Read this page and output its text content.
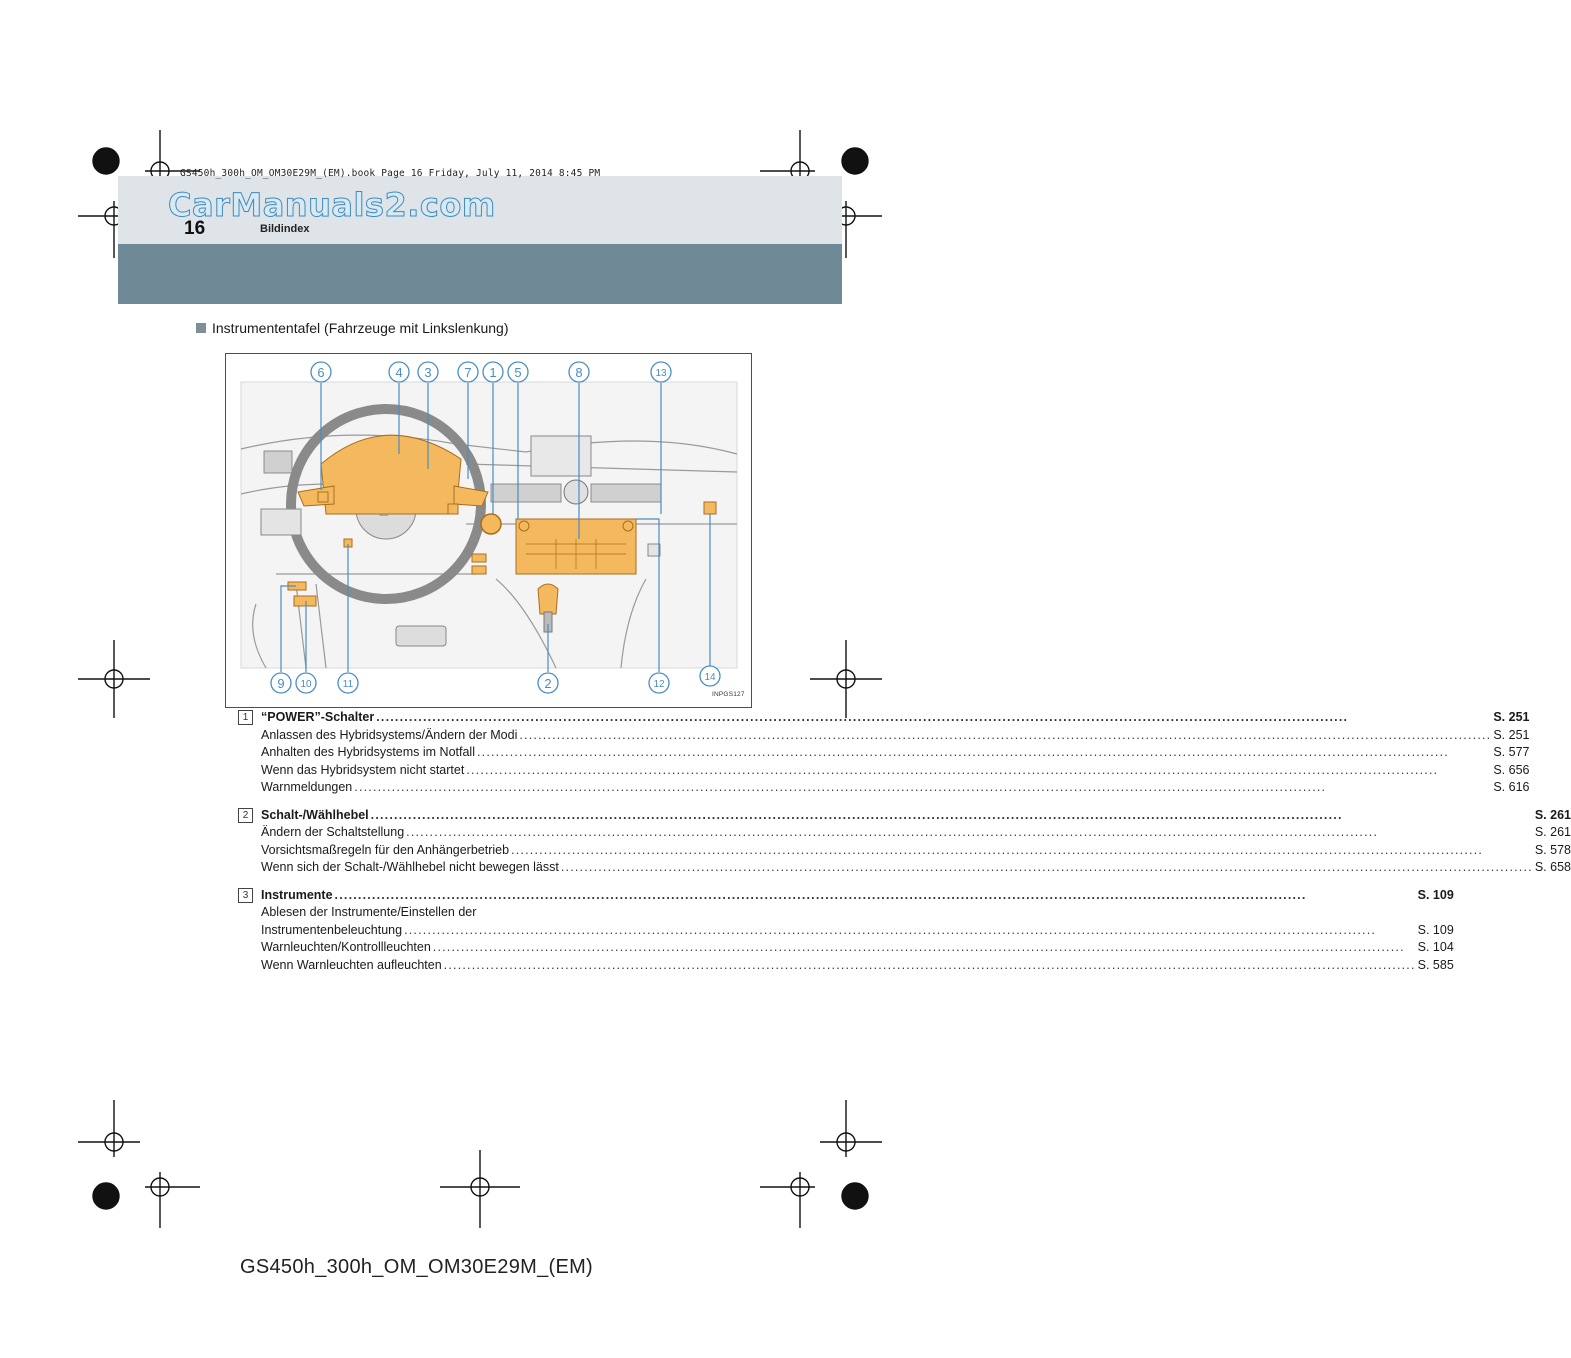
GS450h_300h_OM_OM30E29M_(EM).book Page 16 Friday, July 11, 2014 8:45 PM
CarManuals2.com
16	Bildindex
Instrumententafel (Fahrzeuge mit Linkslenkung)
6	4 3	7 1 5	8	13
9 10	11	2	12
14
INPGS127
1	“POWER”-Schalter .....	S. 251
Anlassen des Hybridsystems/Ändern der Modi .....	S. 251
Anhalten des Hybridsystems im Notfall .....	S. 577
Wenn das Hybridsystem nicht startet .....	S. 656
Warnmeldungen .....	S. 616
2	Schalt-/Wählhebel .....	S. 261
Ändern der Schaltstellung .....	S. 261
Vorsichtsmaßregeln für den Anhängerbetrieb .....	S. 578
Wenn sich der Schalt-/Wählhebel nicht bewegen lässt .....	S. 658
3	Instrumente .....	S. 109
Ablesen der Instrumente/Einstellen der
Instrumentenbeleuchtung .....	S. 109
Warnleuchten/Kontrollleuchten .....	S. 104
Wenn Warnleuchten aufleuchten .....	S. 585
GS450h_300h_OM_OM30E29M_(EM)
